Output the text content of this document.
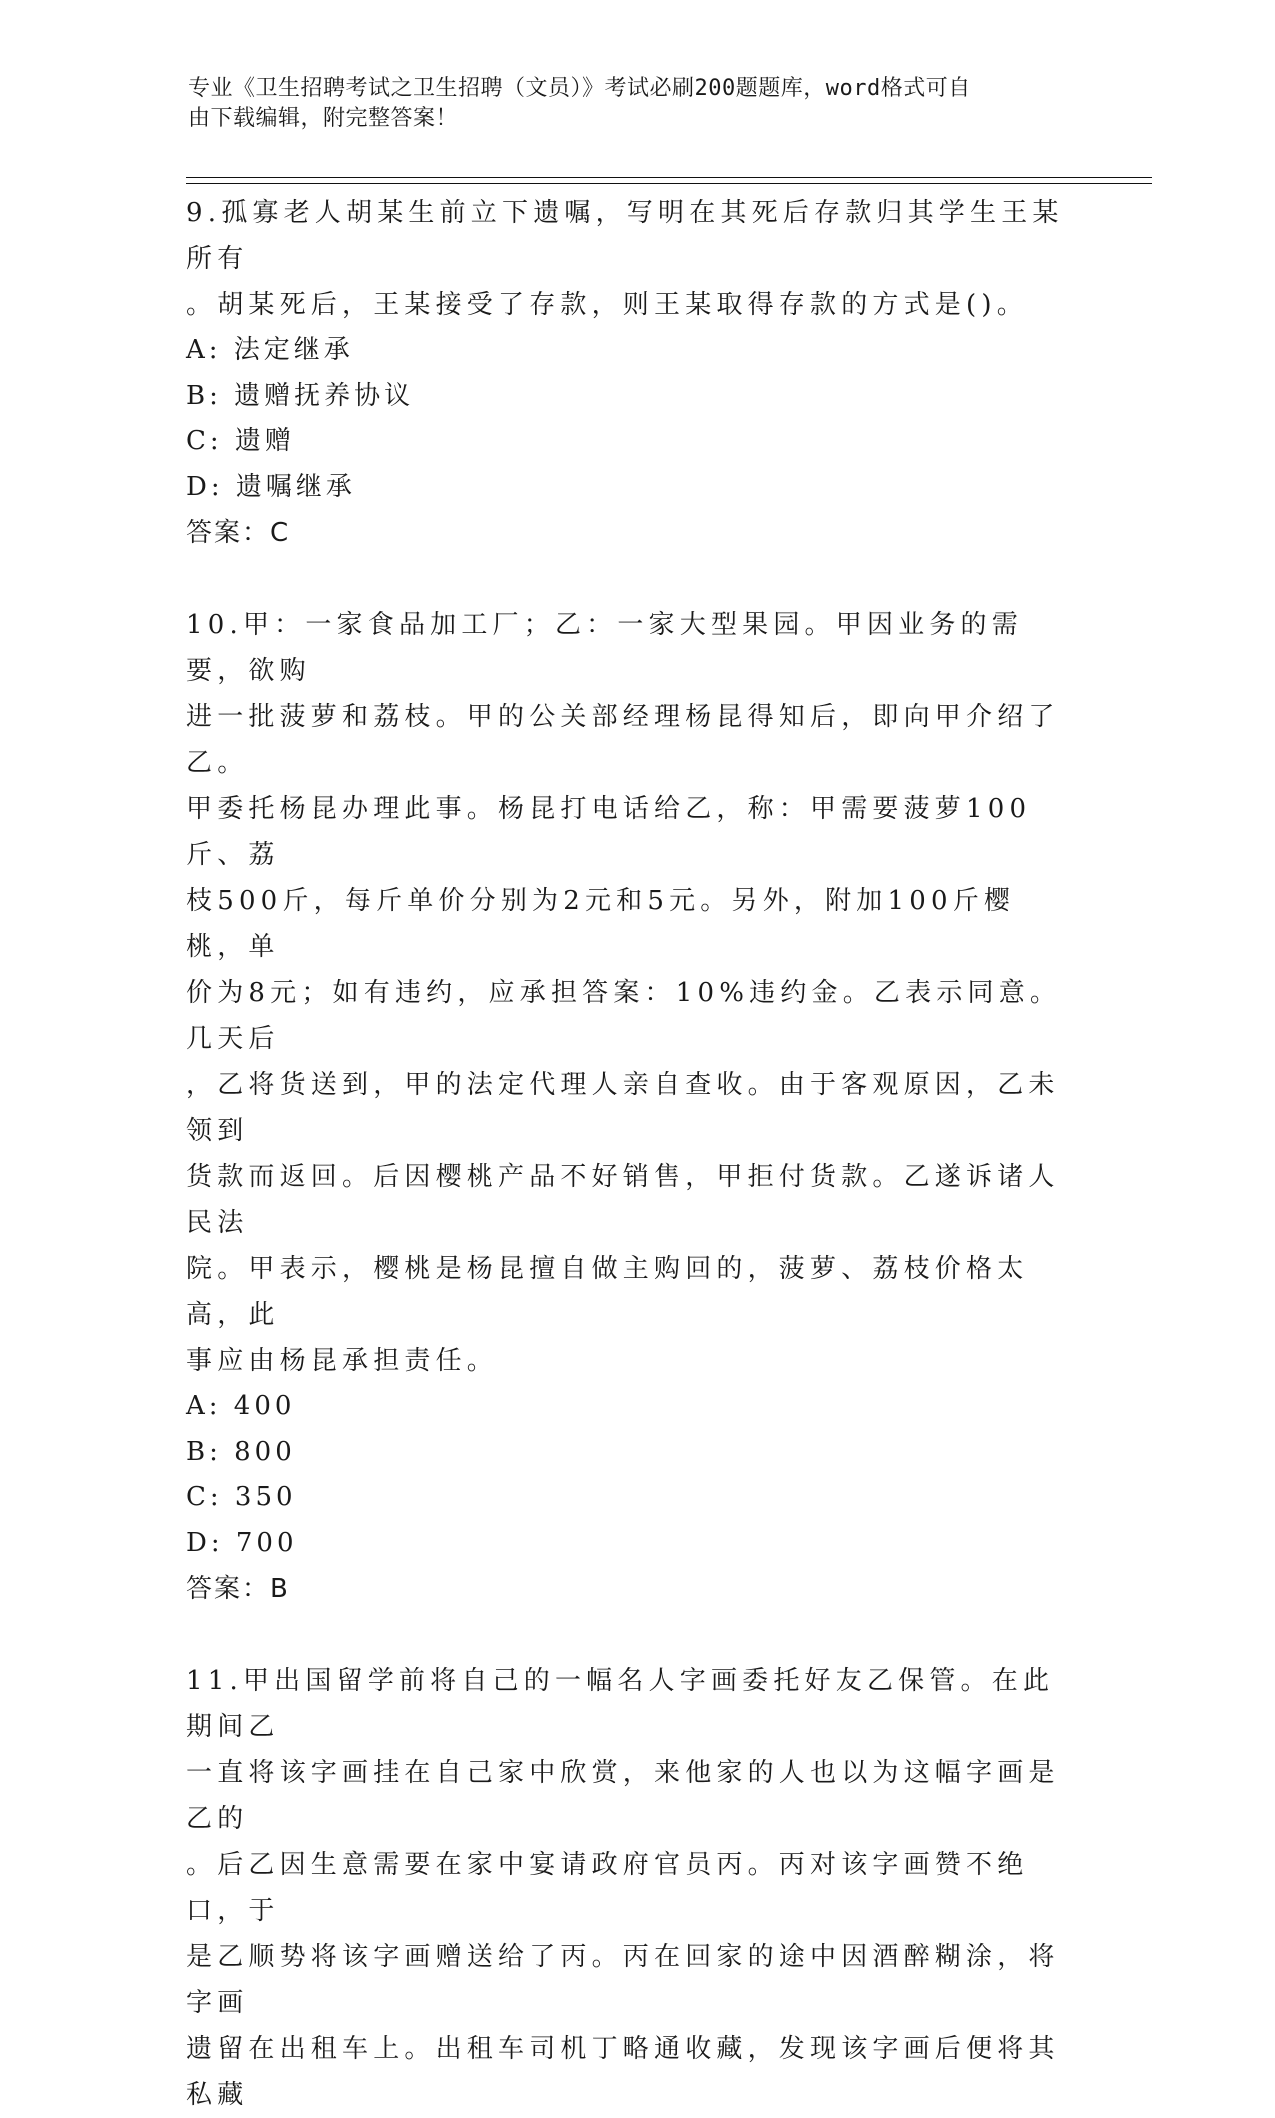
专业《卫生招聘考试之卫生招聘（文员）》考试必刷200题题库，word格式可自
由下载编辑，附完整答案！

9.孤寡老人胡某生前立下遗嘱，写明在其死后存款归其学生王某所有

。胡某死后，王某接受了存款，则王某取得存款的方式是()。

A: 法定继承

B: 遗赠抚养协议

C: 遗赠

D: 遗嘱继承

答案：C

10.甲：一家食品加工厂；乙：一家大型果园。甲因业务的需要，欲购

进一批菠萝和荔枝。甲的公关部经理杨昆得知后，即向甲介绍了乙。

甲委托杨昆办理此事。杨昆打电话给乙，称：甲需要菠萝100斤、荔

枝500斤，每斤单价分别为2元和5元。另外，附加100斤樱桃，单

价为8元；如有违约，应承担答案：10%违约金。乙表示同意。几天后

，乙将货送到，甲的法定代理人亲自查收。由于客观原因，乙未领到

货款而返回。后因樱桃产品不好销售，甲拒付货款。乙遂诉诸人民法

院。甲表示，樱桃是杨昆擅自做主购回的，菠萝、荔枝价格太高，此

事应由杨昆承担责任。

A: 400

B: 800

C: 350

D: 700

答案：B

11.甲出国留学前将自己的一幅名人字画委托好友乙保管。在此期间乙

一直将该字画挂在自己家中欣赏，来他家的人也以为这幅字画是乙的

。后乙因生意需要在家中宴请政府官员丙。丙对该字画赞不绝口，于

是乙顺势将该字画赠送给了丙。丙在回家的途中因酒醉糊涂，将字画

遗留在出租车上。出租车司机丁略通收藏，发现该字画后便将其私藏
